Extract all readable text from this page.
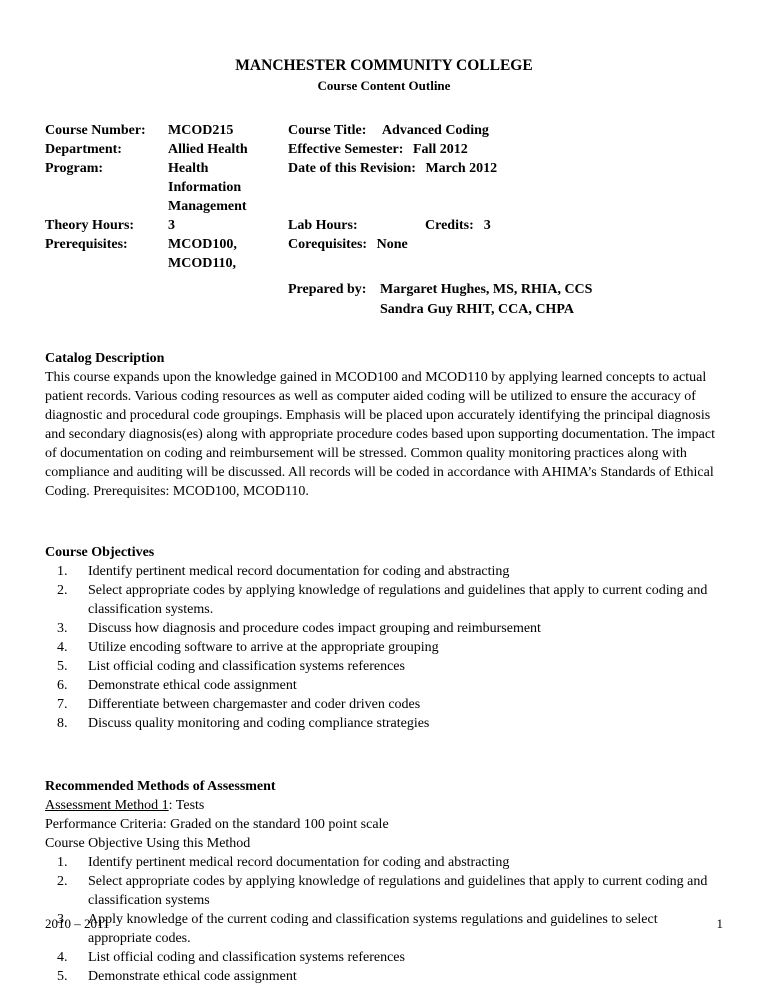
MANCHESTER COMMUNITY COLLEGE
Course Content Outline
Course Number:	MCOD215	Course Title: Advanced Coding
Department:	Allied Health	Effective Semester: Fall 2012
Program:	Health Information Management
Date of this Revision: March 2012
Theory Hours:	3	Lab Hours:	Credits: 3
Prerequisites:	MCOD100, MCOD110,
Corequisites: None
Prepared by: Margaret Hughes, MS, RHIA, CCS
Sandra Guy RHIT, CCA, CHPA
Catalog Description
This course expands upon the knowledge gained in MCOD100 and MCOD110 by applying learned concepts to actual patient records. Various coding resources as well as computer aided coding will be utilized to ensure the accuracy of diagnostic and procedural code groupings. Emphasis will be placed upon accurately identifying the principal diagnosis and secondary diagnosis(es) along with appropriate procedure codes based upon supporting documentation. The impact of documentation on coding and reimbursement will be stressed. Common quality monitoring practices along with compliance and auditing will be discussed. All records will be coded in accordance with AHIMA’s Standards of Ethical Coding. Prerequisites: MCOD100, MCOD110.
Course Objectives
Identify pertinent medical record documentation for coding and abstracting
Select appropriate codes by applying knowledge of regulations and guidelines that apply to current coding and classification systems.
Discuss how diagnosis and procedure codes impact grouping and reimbursement
Utilize encoding software to arrive at the appropriate grouping
List official coding and classification systems references
Demonstrate ethical code assignment
Differentiate between chargemaster and coder driven codes
Discuss quality monitoring and coding compliance strategies
Recommended Methods of Assessment
Assessment Method 1: Tests
Performance Criteria: Graded on the standard 100 point scale
Course Objective Using this Method
Identify pertinent medical record documentation for coding and abstracting
Select appropriate codes by applying knowledge of regulations and guidelines that apply to current coding and classification systems
Apply knowledge of the current coding and classification systems regulations and guidelines to select appropriate codes.
List official coding and classification systems references
Demonstrate ethical code assignment
2010 – 2011	1
